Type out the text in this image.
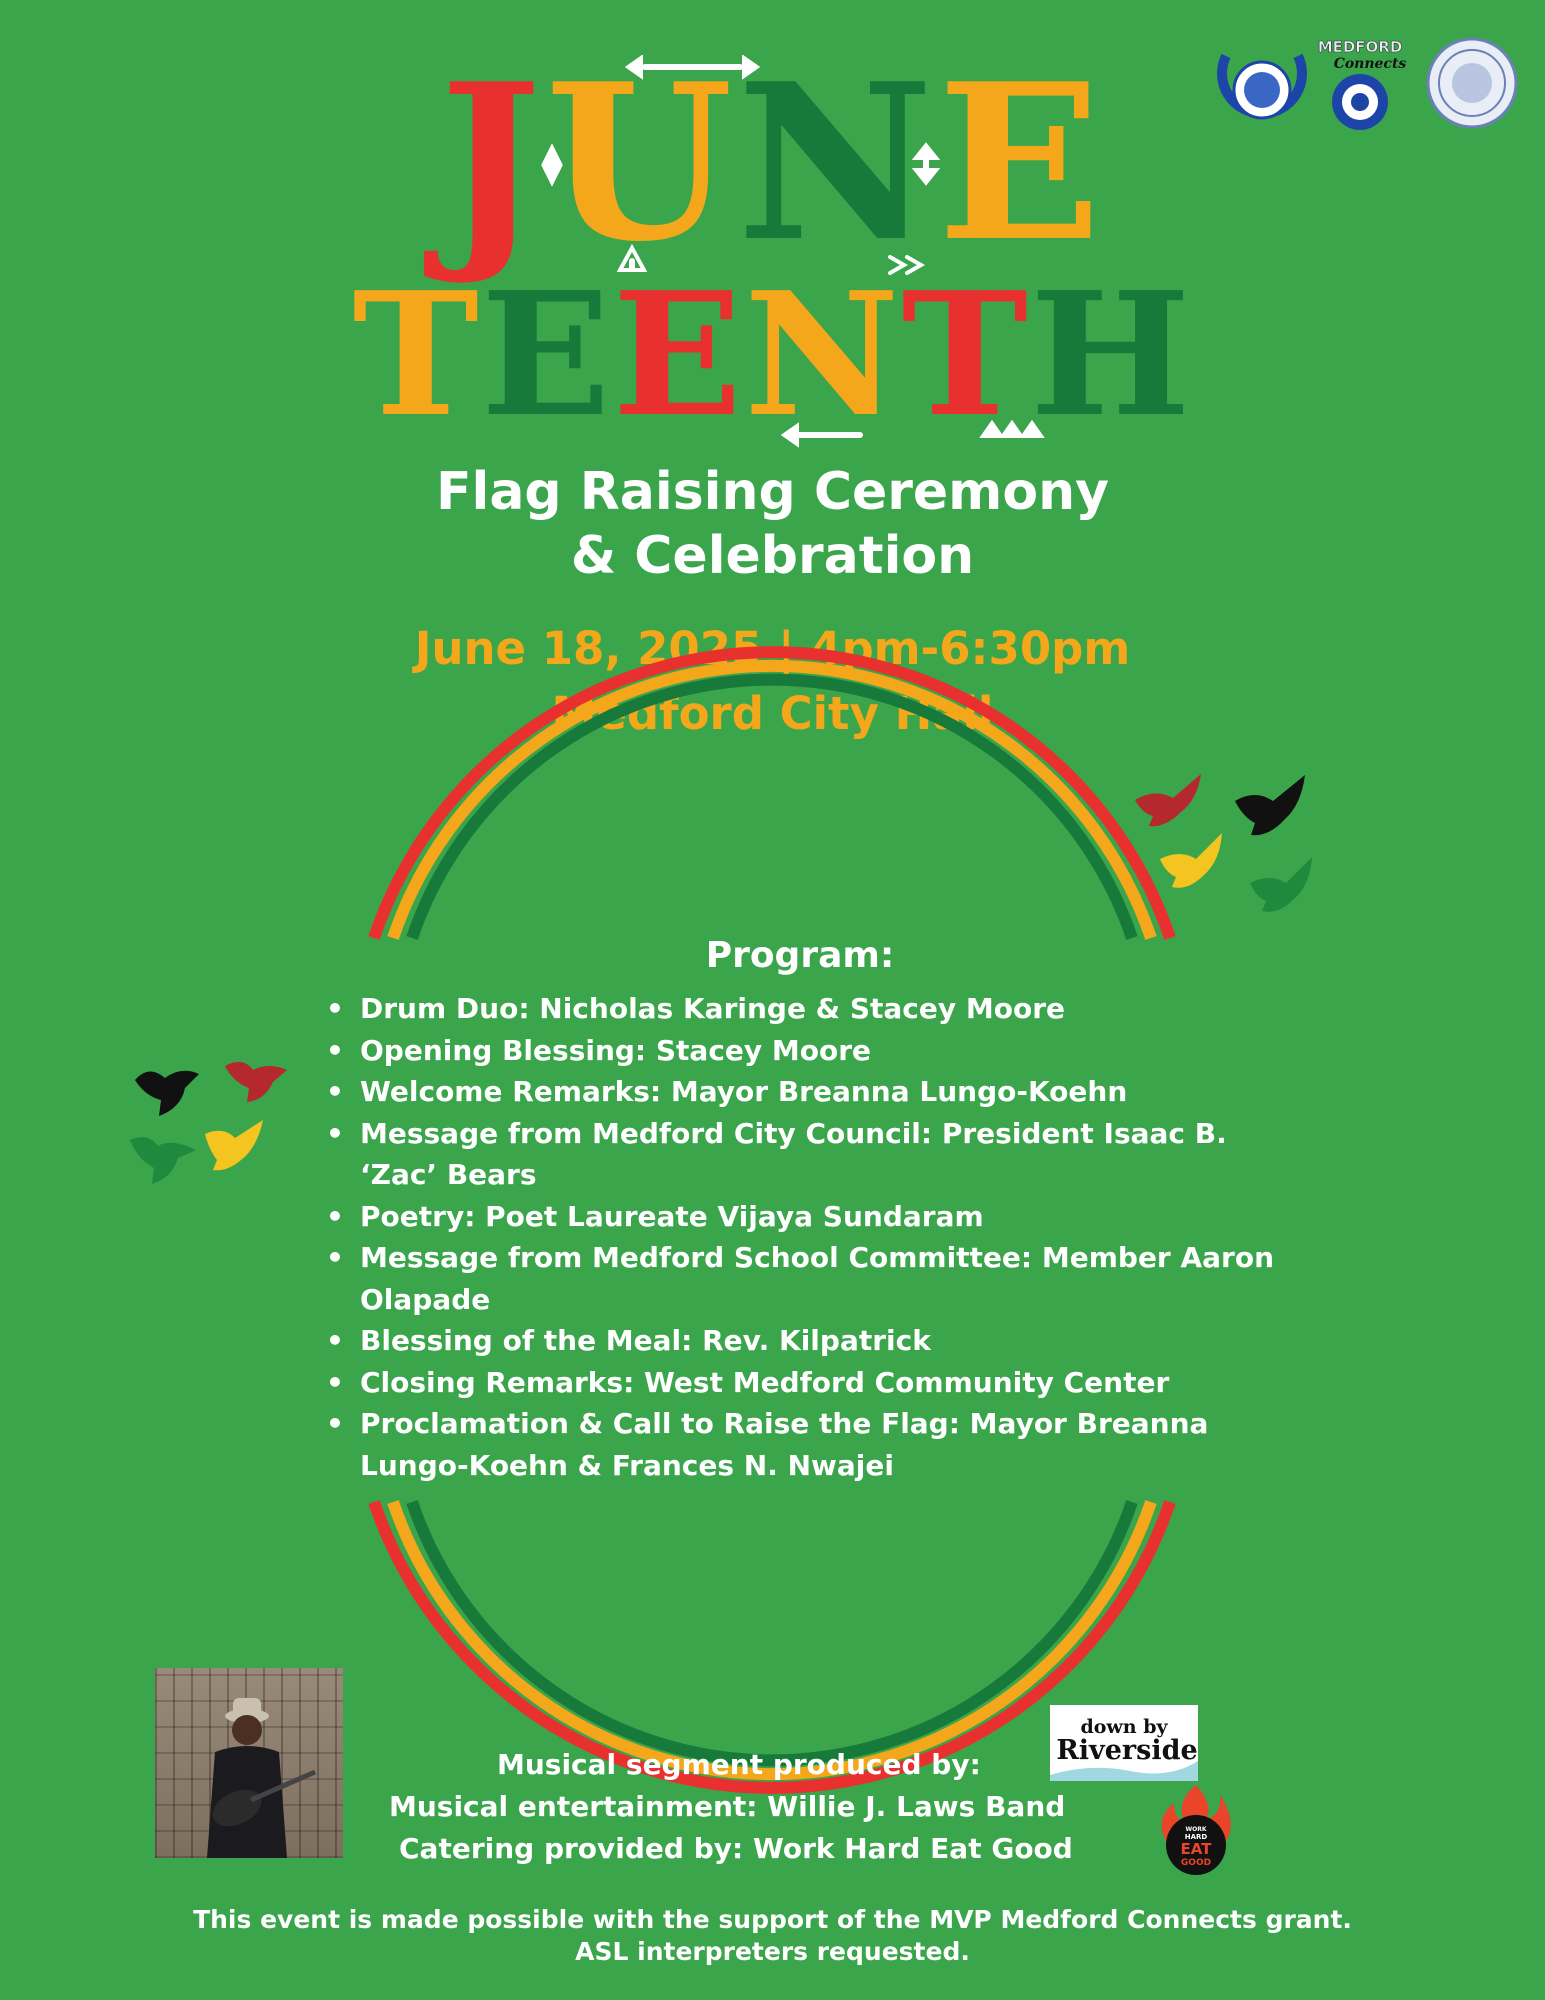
MEDFORD
Connects
JUNE
TEENTH
Flag Raising Ceremony
& Celebration
June 18, 2025 | 4pm-6:30pm
Medford City Hall
Program:
• Drum Duo: Nicholas Karinge & Stacey Moore
• Opening Blessing: Stacey Moore
• Welcome Remarks: Mayor Breanna Lungo-Koehn
• Message from Medford City Council: President Isaac B. ‘Zac’ Bears
• Poetry: Poet Laureate Vijaya Sundaram
• Message from Medford School Committee: Member Aaron Olapade
• Blessing of the Meal: Rev. Kilpatrick
• Closing Remarks: West Medford Community Center
• Proclamation & Call to Raise the Flag: Mayor Breanna Lungo-Koehn & Frances N. Nwajei
Musical segment produced by:
Musical entertainment: Willie J. Laws Band
Catering provided by: Work Hard Eat Good
down by
Riverside
WORK
HARD
EAT
GOOD
This event is made possible with the support of the MVP Medford Connects grant.
ASL interpreters requested.
